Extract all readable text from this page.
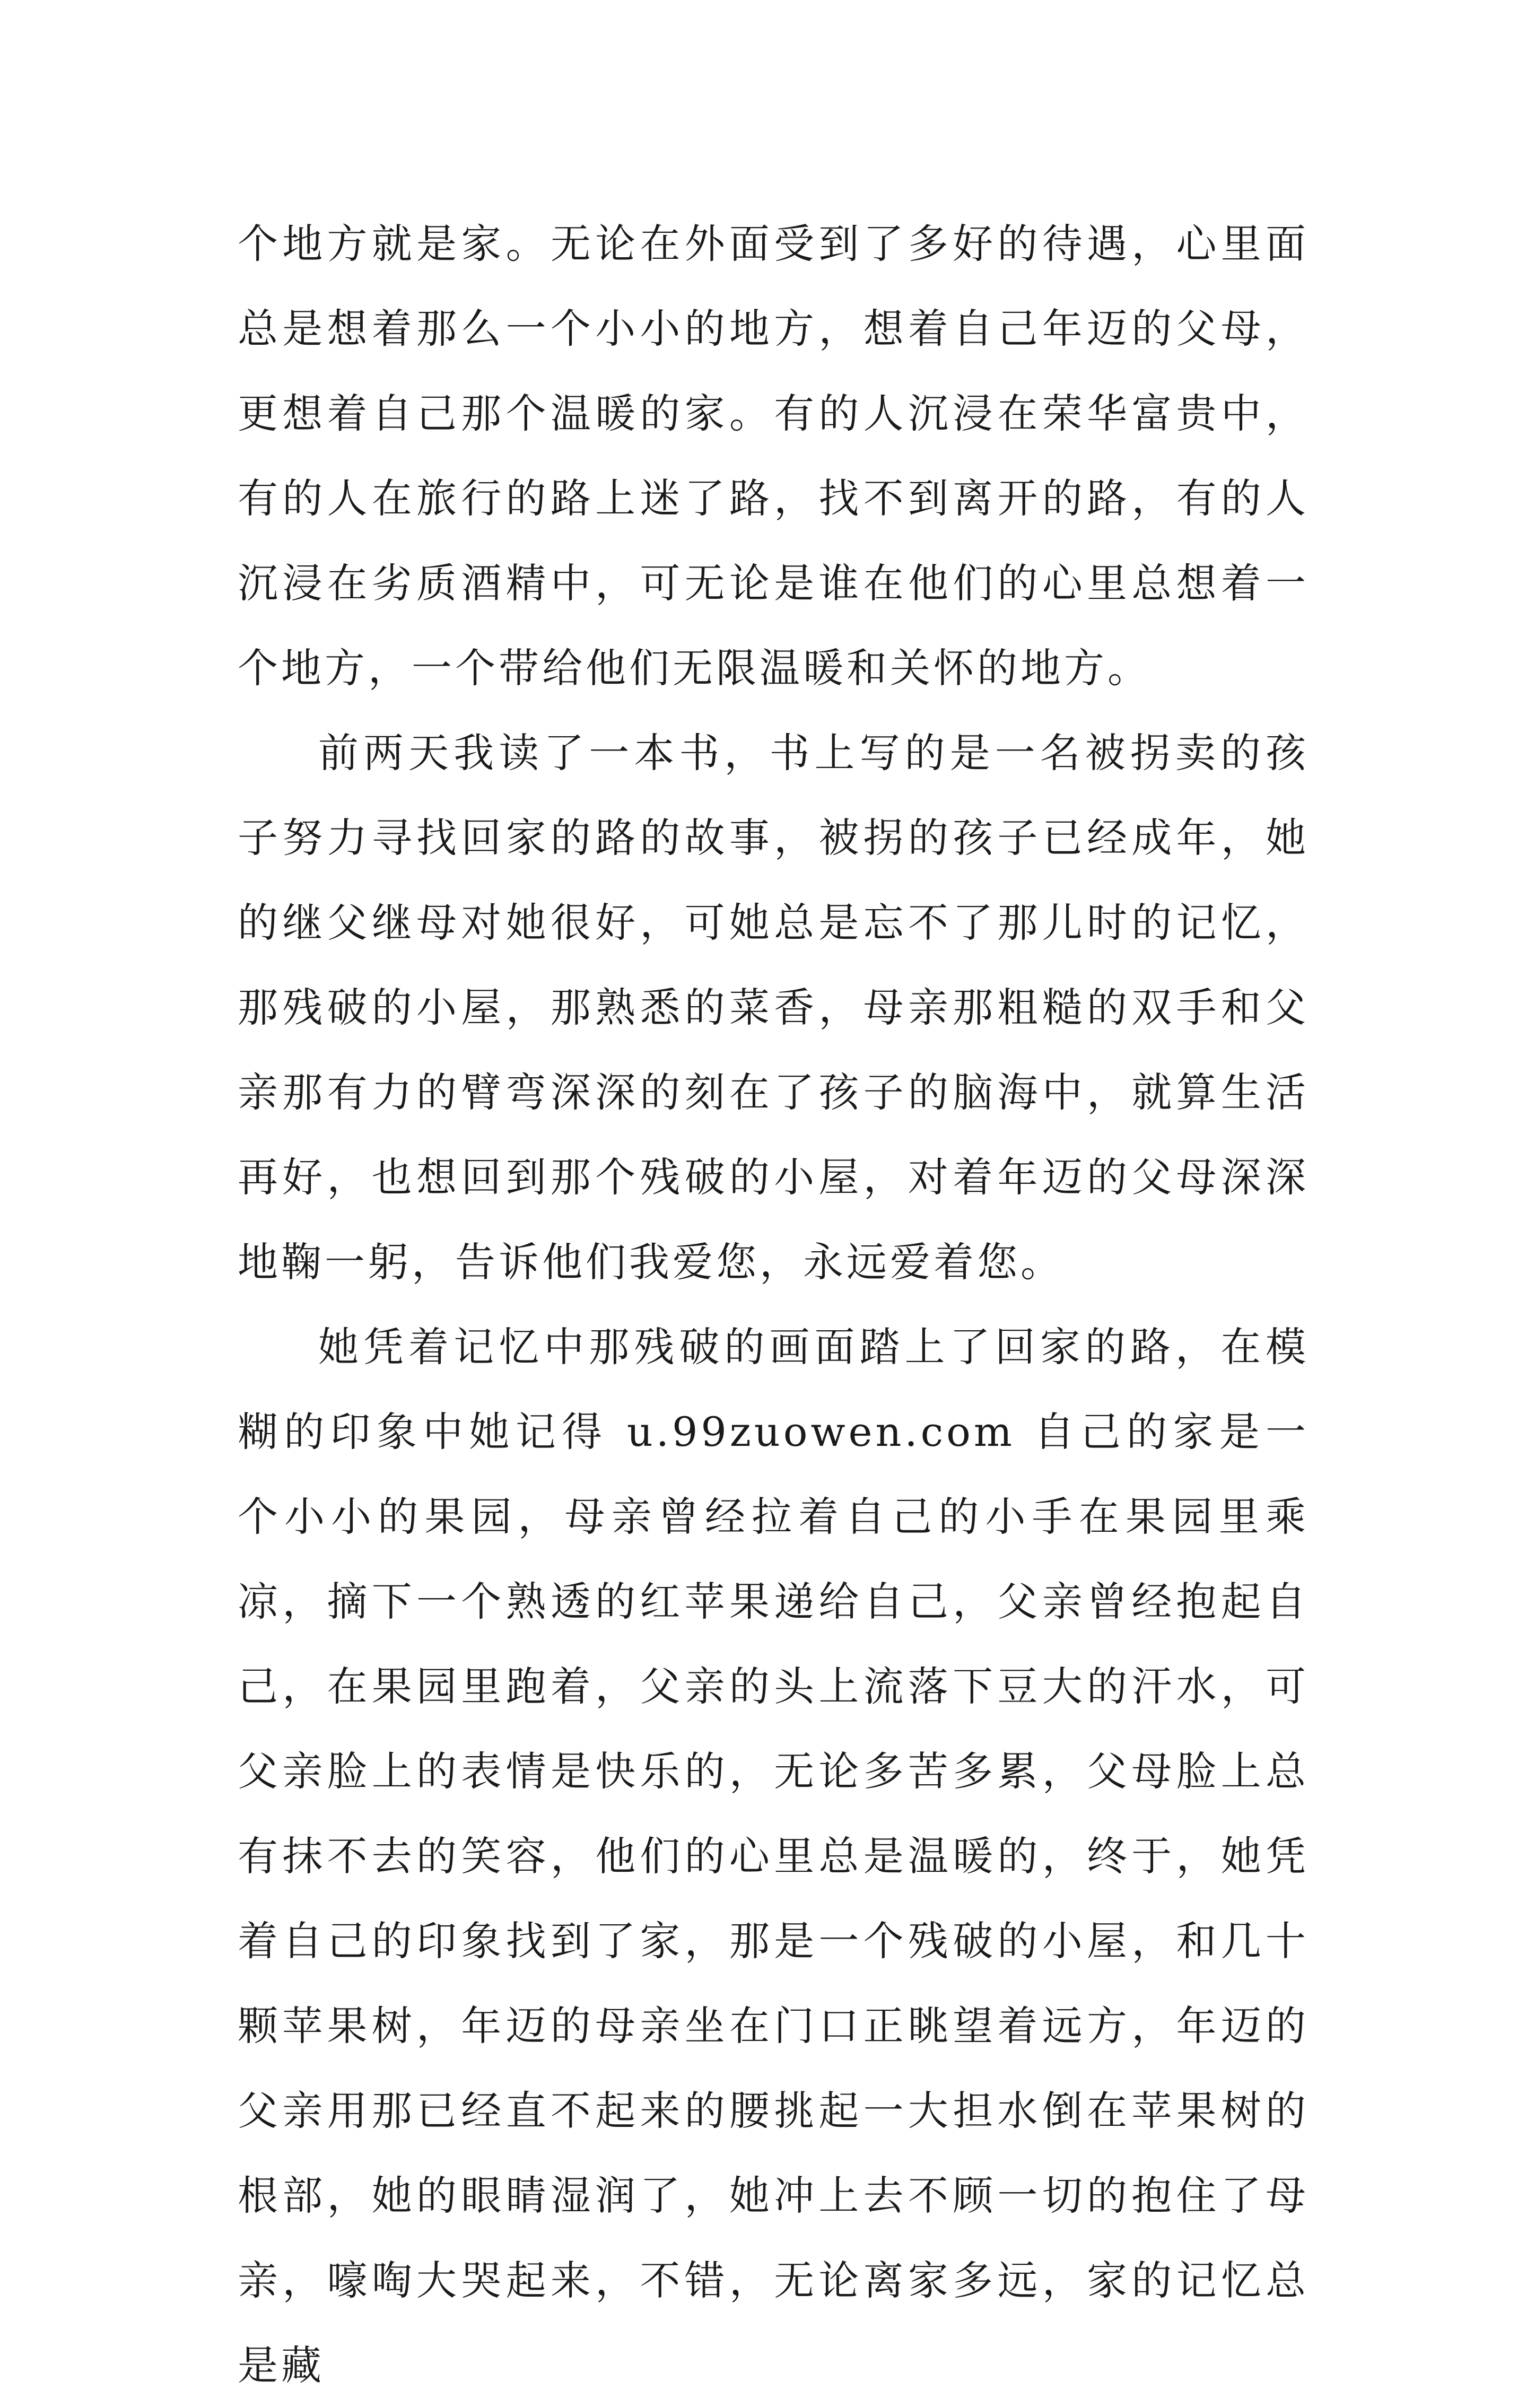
个地方就是家。无论在外面受到了多好的待遇，心里面总是想着那么一个小小的地方，想着自己年迈的父母，更想着自己那个温暖的家。有的人沉浸在荣华富贵中，有的人在旅行的路上迷了路，找不到离开的路，有的人沉浸在劣质酒精中，可无论是谁在他们的心里总想着一个地方，一个带给他们无限温暖和关怀的地方。

前两天我读了一本书，书上写的是一名被拐卖的孩子努力寻找回家的路的故事，被拐的孩子已经成年，她的继父继母对她很好，可她总是忘不了那儿时的记忆，那残破的小屋，那熟悉的菜香，母亲那粗糙的双手和父亲那有力的臂弯深深的刻在了孩子的脑海中，就算生活再好，也想回到那个残破的小屋，对着年迈的父母深深地鞠一躬，告诉他们我爱您，永远爱着您。

她凭着记忆中那残破的画面踏上了回家的路，在模糊的印象中她记得 u.99zuowen.com 自己的家是一个小小的果园，母亲曾经拉着自己的小手在果园里乘凉，摘下一个熟透的红苹果递给自己，父亲曾经抱起自己，在果园里跑着，父亲的头上流落下豆大的汗水，可父亲脸上的表情是快乐的，无论多苦多累，父母脸上总有抹不去的笑容，他们的心里总是温暖的，终于，她凭着自己的印象找到了家，那是一个残破的小屋，和几十颗苹果树，年迈的母亲坐在门口正眺望着远方，年迈的父亲用那已经直不起来的腰挑起一大担水倒在苹果树的根部，她的眼睛湿润了，她冲上去不顾一切的抱住了母亲，嚎啕大哭起来，不错，无论离家多远，家的记忆总是藏
